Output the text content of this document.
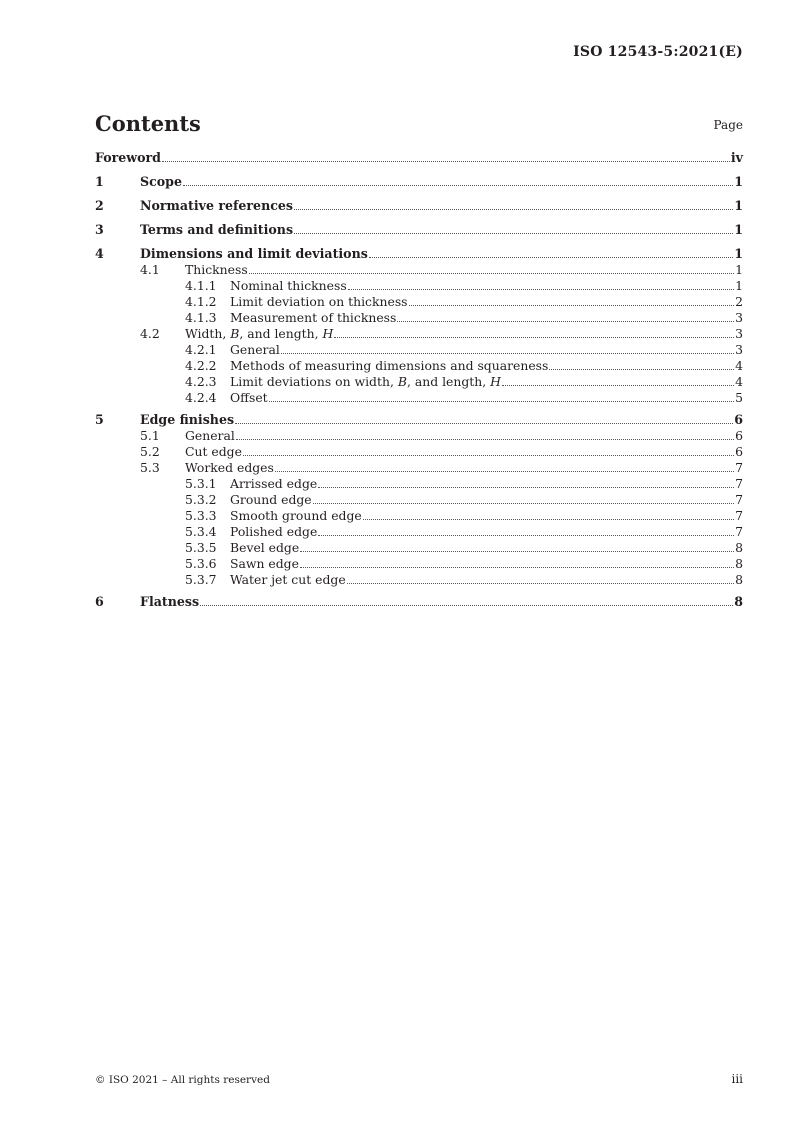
ISO 12543-5:2021(E)
Contents	Page
Foreword	iv
1	Scope	1
2	Normative references	1
3	Terms and definitions	1
4	Dimensions and limit deviations	1
4.1	Thickness	1
4.1.1	Nominal thickness	1
4.1.2	Limit deviation on thickness	2
4.1.3	Measurement of thickness	3
4.2	Width, B, and length, H	3
4.2.1	General	3
4.2.2	Methods of measuring dimensions and squareness	4
4.2.3	Limit deviations on width, B, and length, H	4
4.2.4	Offset	5
5	Edge finishes	6
5.1	General	6
5.2	Cut edge	6
5.3	Worked edges	7
5.3.1	Arrissed edge	7
5.3.2	Ground edge	7
5.3.3	Smooth ground edge	7
5.3.4	Polished edge	7
5.3.5	Bevel edge	8
5.3.6	Sawn edge	8
5.3.7	Water jet cut edge	8
6	Flatness	8
© ISO 2021 – All rights reserved	iii
